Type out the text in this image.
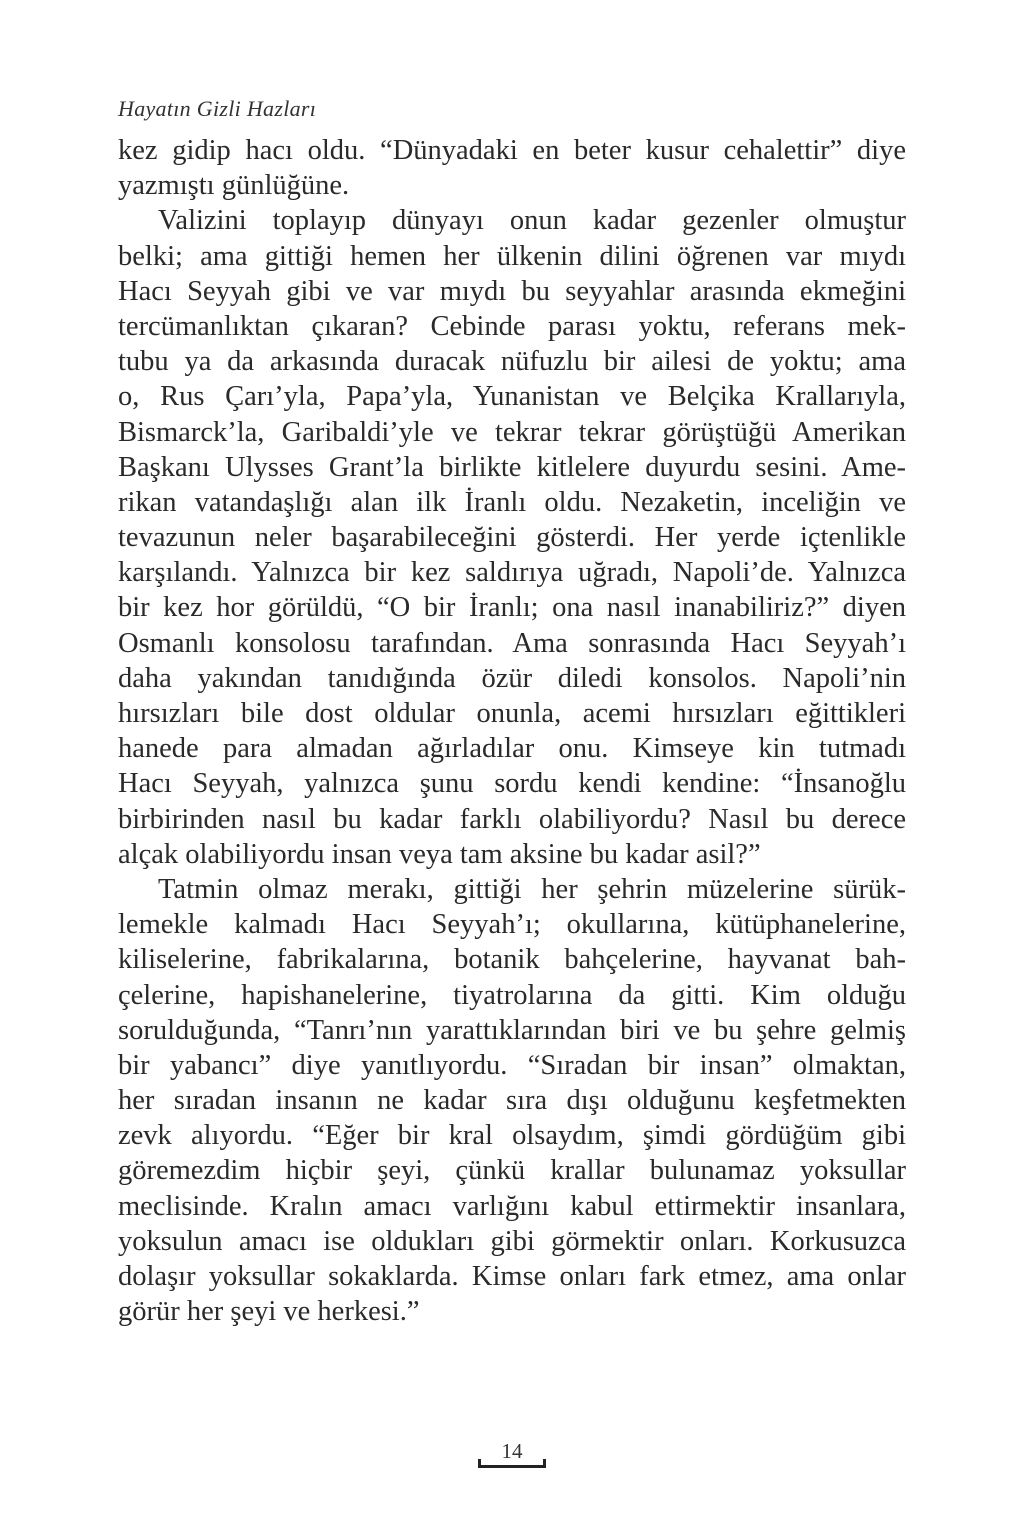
Hayatın Gizli Hazları
kez gidip hacı oldu. “Dünyadaki en beter kusur cehalettir” diye
yazmıştı günlüğüne.
Valizini toplayıp dünyayı onun kadar gezenler olmuştur
belki; ama gittiği hemen her ülkenin dilini öğrenen var mıydı
Hacı Seyyah gibi ve var mıydı bu seyyahlar arasında ekmeğini
tercümanlıktan çıkaran? Cebinde parası yoktu, referans mek-
tubu ya da arkasında duracak nüfuzlu bir ailesi de yoktu; ama
o, Rus Çarı’yla, Papa’yla, Yunanistan ve Belçika Krallarıyla,
Bismarck’la, Garibaldi’yle ve tekrar tekrar görüştüğü Amerikan
Başkanı Ulysses Grant’la birlikte kitlelere duyurdu sesini. Ame-
rikan vatandaşlığı alan ilk İranlı oldu. Nezaketin, inceliğin ve
tevazunun neler başarabileceğini gösterdi. Her yerde içtenlikle
karşılandı. Yalnızca bir kez saldırıya uğradı, Napoli’de. Yalnızca
bir kez hor görüldü, “O bir İranlı; ona nasıl inanabiliriz?” diyen
Osmanlı konsolosu tarafından. Ama sonrasında Hacı Seyyah’ı
daha yakından tanıdığında özür diledi konsolos. Napoli’nin
hırsızları bile dost oldular onunla, acemi hırsızları eğittikleri
hanede para almadan ağırladılar onu. Kimseye kin tutmadı
Hacı Seyyah, yalnızca şunu sordu kendi kendine: “İnsanoğlu
birbirinden nasıl bu kadar farklı olabiliyordu? Nasıl bu derece
alçak olabiliyordu insan veya tam aksine bu kadar asil?”
Tatmin olmaz merakı, gittiği her şehrin müzelerine sürük-
lemekle kalmadı Hacı Seyyah’ı; okullarına, kütüphanelerine,
kiliselerine, fabrikalarına, botanik bahçelerine, hayvanat bah-
çelerine, hapishanelerine, tiyatrolarına da gitti. Kim olduğu
sorulduğunda, “Tanrı’nın yarattıklarından biri ve bu şehre gelmiş
bir yabancı” diye yanıtlıyordu. “Sıradan bir insan” olmaktan,
her sıradan insanın ne kadar sıra dışı olduğunu keşfetmekten
zevk alıyordu. “Eğer bir kral olsaydım, şimdi gördüğüm gibi
göremezdim hiçbir şeyi, çünkü krallar bulunamaz yoksullar
meclisinde. Kralın amacı varlığını kabul ettirmektir insanlara,
yoksulun amacı ise oldukları gibi görmektir onları. Korkusuzca
dolaşır yoksullar sokaklarda. Kimse onları fark etmez, ama onlar
görür her şeyi ve herkesi.”
14
